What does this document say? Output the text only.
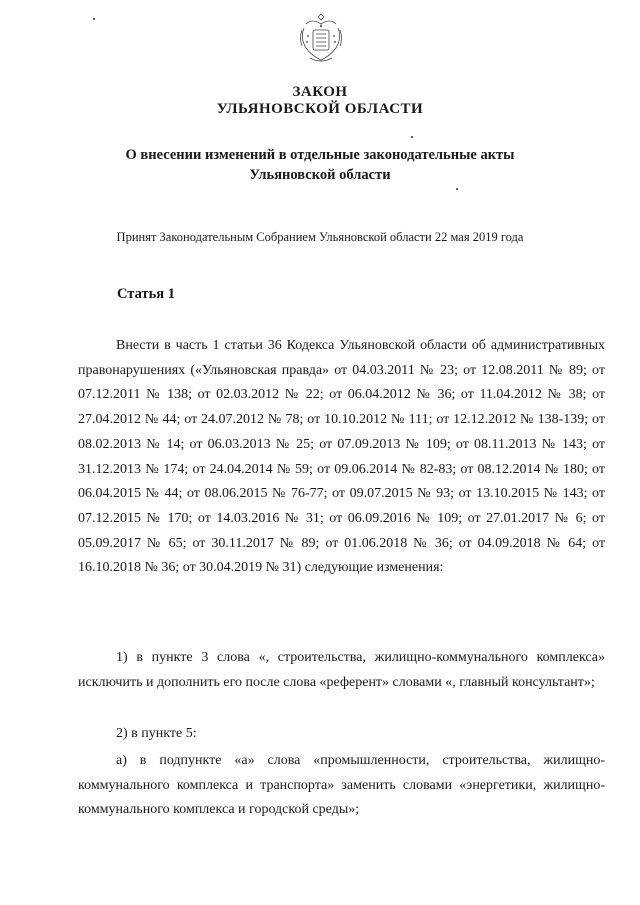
ЗАКОН
УЛЬЯНОВСКОЙ ОБЛАСТИ
О внесении изменений в отдельные законодательные акты
Ульяновской области
Принят Законодательным Собранием Ульяновской области 22 мая 2019 года
Статья 1

Внести в часть 1 статьи 36 Кодекса Ульяновской области об административных правонарушениях («Ульяновская правда» от 04.03.2011 № 23; от 12.08.2011 № 89; от 07.12.2011 № 138; от 02.03.2012 № 22; от 06.04.2012 № 36; от 11.04.2012 № 38; от 27.04.2012 № 44; от 24.07.2012 № 78; от 10.10.2012 № 111; от 12.12.2012 № 138-139; от 08.02.2013 № 14; от 06.03.2013 № 25; от 07.09.2013 № 109; от 08.11.2013 № 143; от 31.12.2013 № 174; от 24.04.2014 № 59; от 09.06.2014 № 82-83; от 08.12.2014 № 180; от 06.04.2015 № 44; от 08.06.2015 № 76-77; от 09.07.2015 № 93; от 13.10.2015 № 143; от 07.12.2015 № 170; от 14.03.2016 № 31; от 06.09.2016 № 109; от 27.01.2017 № 6; от 05.09.2017 № 65; от 30.11.2017 № 89; от 01.06.2018 № 36; от 04.09.2018 № 64; от 16.10.2018 № 36; от 30.04.2019 № 31) следующие изменения:

1) в пункте 3 слова «, строительства, жилищно-коммунального комплекса» исключить и дополнить его после слова «референт» словами «, главный консультант»;

2) в пункте 5:

а) в подпункте «а» слова «промышленности, строительства, жилищно-коммунального комплекса и транспорта» заменить словами «энергетики, жилищно-коммунального комплекса и городской среды»;
